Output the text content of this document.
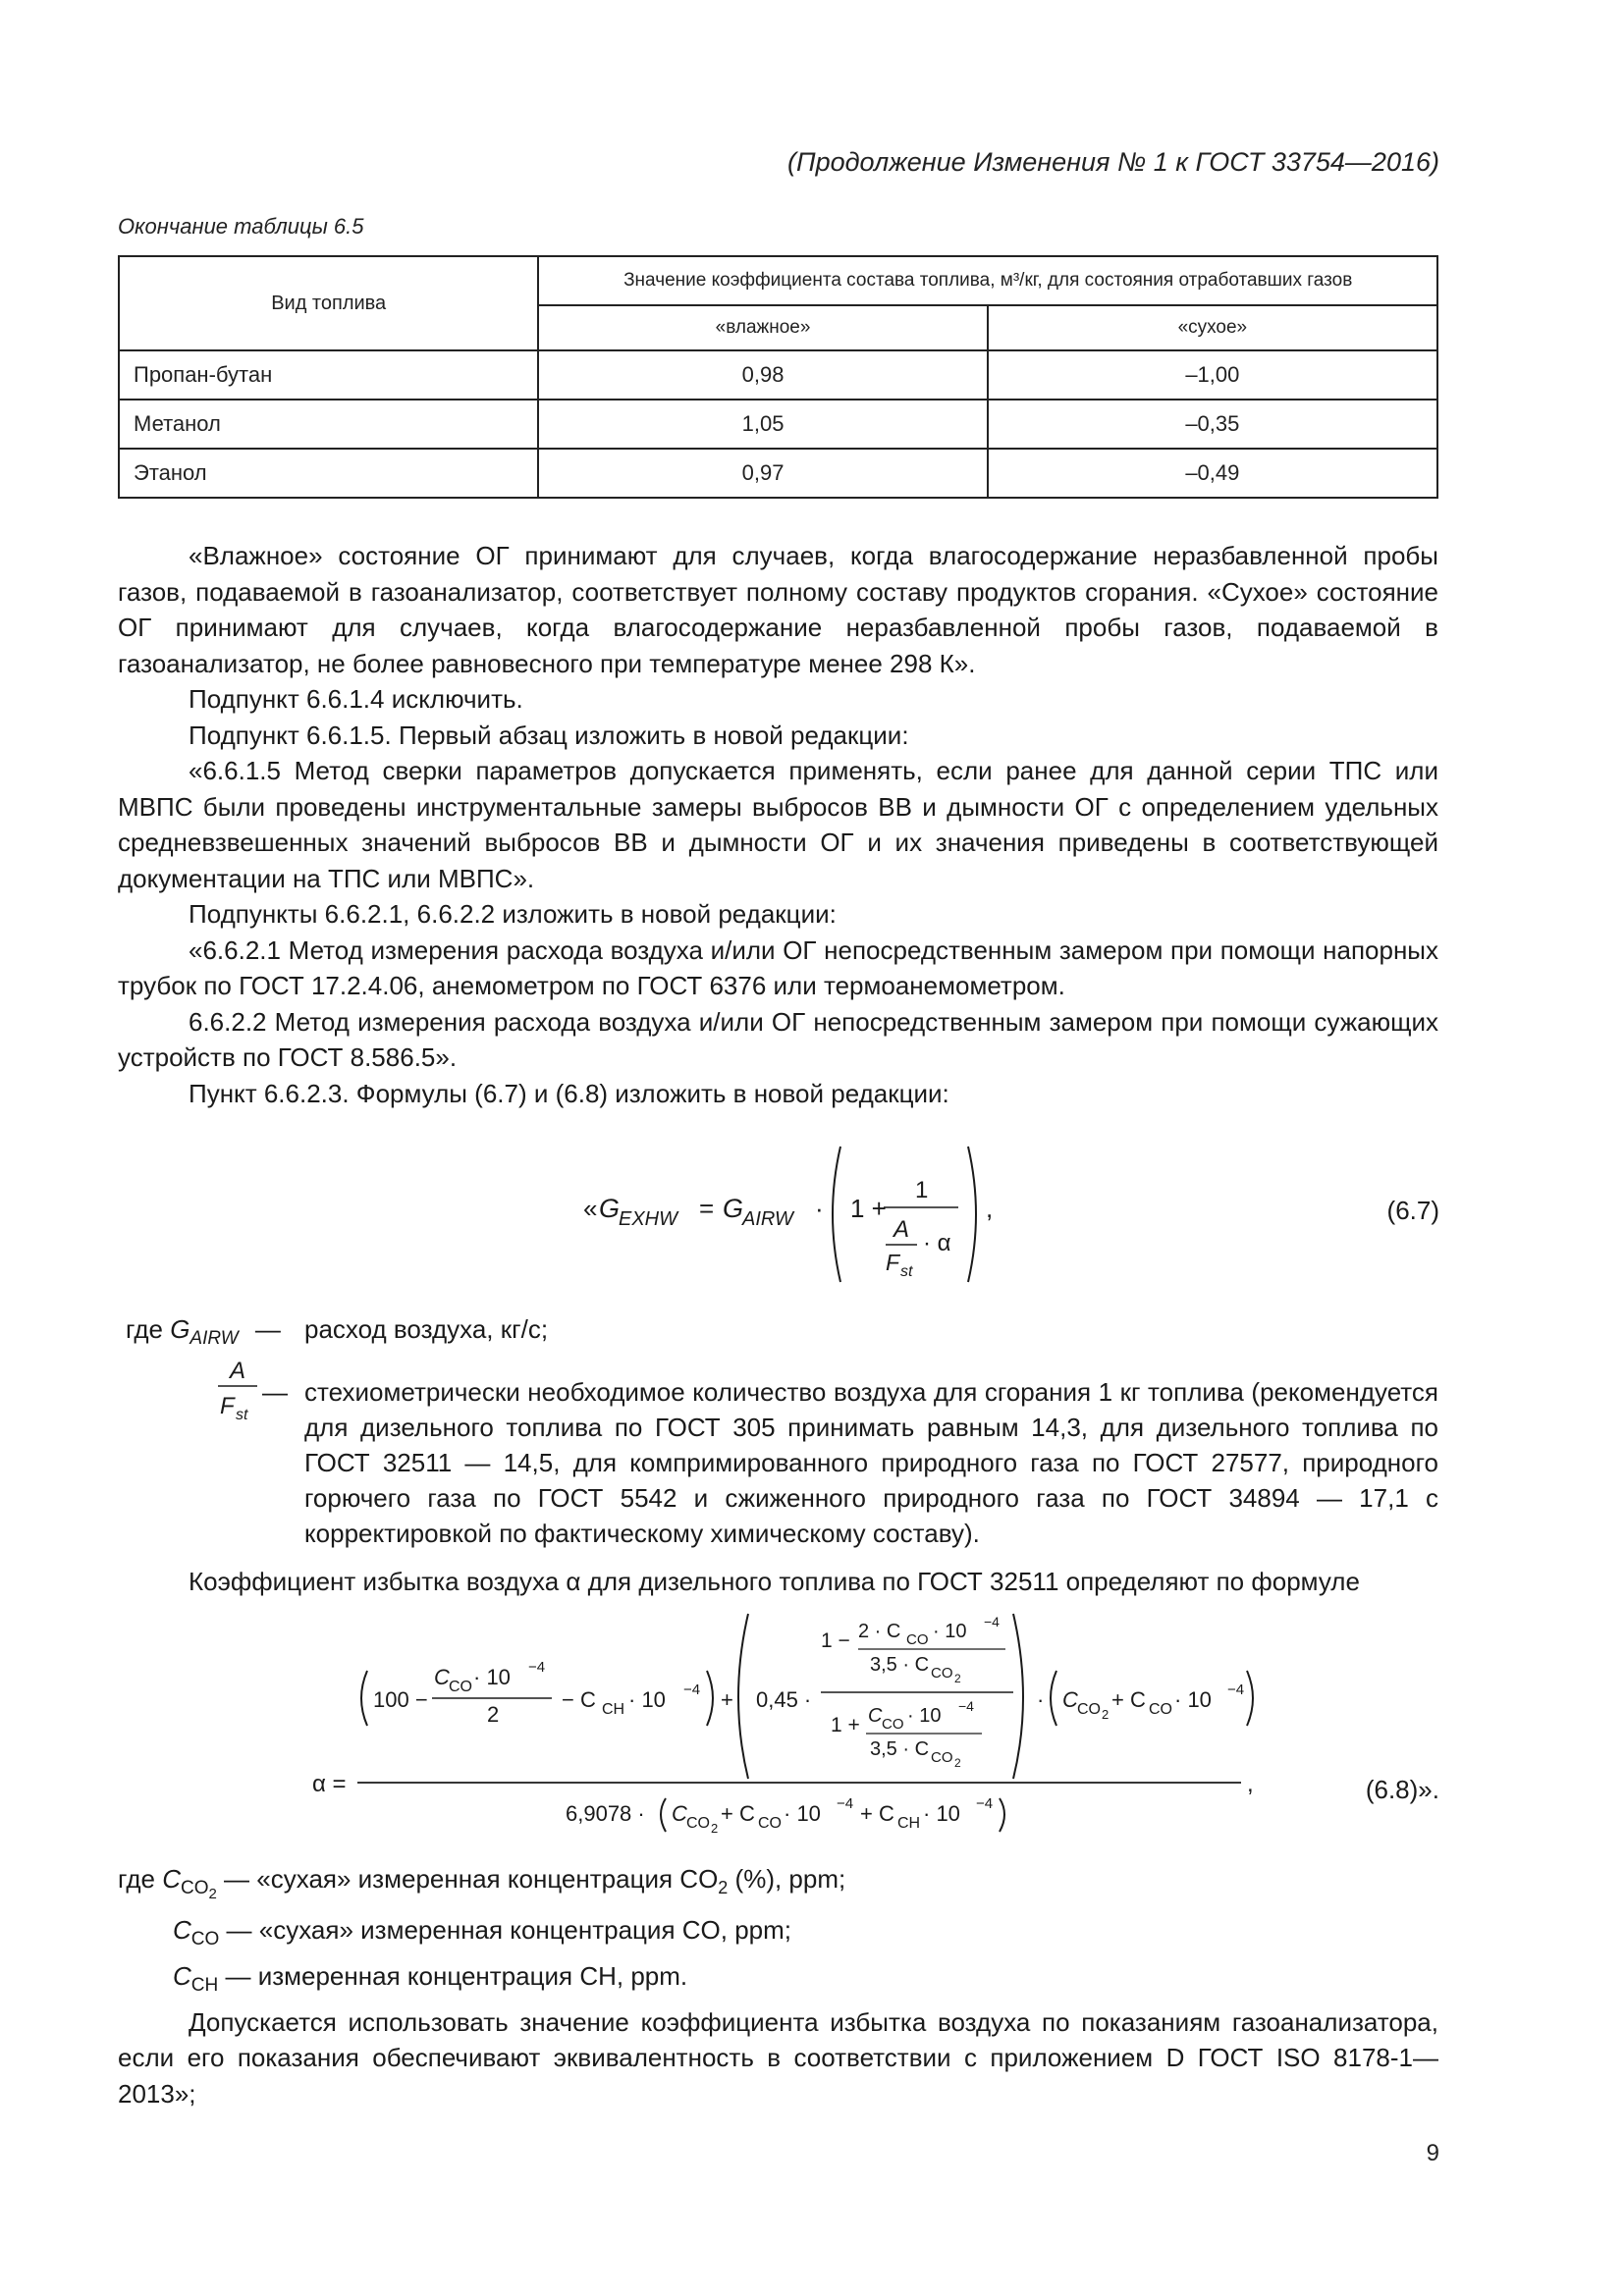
(Продолжение Изменения № 1 к ГОСТ 33754—2016)
Окончание таблицы 6.5
Вид топлива	Значение коэффициента состава топлива, м³/кг, для состояния отработавших газов	
	«влажное»	«сухое»
Пропан-бутан	0,98	–1,00
Метанол	1,05	–0,35
Этанол	0,97	–0,49

«Влажное» состояние ОГ принимают для случаев, когда влагосодержание неразбавленной пробы газов, подаваемой в газоанализатор, соответствует полному составу продуктов сгорания. «Сухое» состояние ОГ принимают для случаев, когда влагосодержание неразбавленной пробы газов, подаваемой в газоанализатор, не более равновесного при температуре менее 298 К».

Подпункт 6.6.1.4 исключить.

Подпункт 6.6.1.5. Первый абзац изложить в новой редакции:

«6.6.1.5 Метод сверки параметров допускается применять, если ранее для данной серии ТПС или МВПС были проведены инструментальные замеры выбросов ВВ и дымности ОГ с определением удельных средневзвешенных значений выбросов ВВ и дымности ОГ и их значения приведены в соответствующей документации на ТПС или МВПС».

Подпункты 6.6.2.1, 6.6.2.2 изложить в новой редакции:

«6.6.2.1 Метод измерения расхода воздуха и/или ОГ непосредственным замером при помощи напорных трубок по ГОСТ 17.2.4.06, анемометром по ГОСТ 6376 или термоанемометром.

6.6.2.2 Метод измерения расхода воздуха и/или ОГ непосредственным замером при помощи сужающих устройств по ГОСТ 8.586.5».

Пункт 6.6.2.3. Формулы (6.7) и (6.8) изложить в новой редакции:

« G
EXHW = G
AIRW · 1 +
1
A
F st
· α
,	(6.7)
где $G_{AIRW}$ — расход воздуха, кг/с;
A
F st
— стехиометрически необходимое количество воздуха для сгорания 1 кг топлива (рекомендуется для дизельного топлива по ГОСТ 305 принимать равным 14,3, для дизельного топлива по ГОСТ 32511 — 14,5, для компримированного природного газа по ГОСТ 27577, природного горючего газа по ГОСТ 5542 и сжиженного природного газа по ГОСТ 34894 — 17,1 с корректировкой по фактическому химическому составу).
Коэффициент избытка воздуха α для дизельного топлива по ГОСТ 32511 определяют по формуле
α =	,
100 −
C CO · 10 −4
2
− C CH · 10 −4 + 0,45 ·
1 − 2 · C CO · 10 −4
3,5 · C CO 2
1 + C CO · 10 −4
3,5 · C CO 2
· C CO 2
+ C CO · 10 −4
6,9078 · C CO 2
+ C CO · 10 −4 + C CH · 10 −4	(6.8)».

где $C_{CO_2}$ — «сухая» измеренная концентрация $CO_2$ (%), ppm;

$C_{CO}$ — «сухая» измеренная концентрация CO, ppm;

$C_{CH}$ — измеренная концентрация CH, ppm.

Допускается использовать значение коэффициента избытка воздуха по показаниям газоанализатора, если его показания обеспечивают эквивалентность в соответствии с приложением D ГОСТ ISO 8178-1—2013»;

9
